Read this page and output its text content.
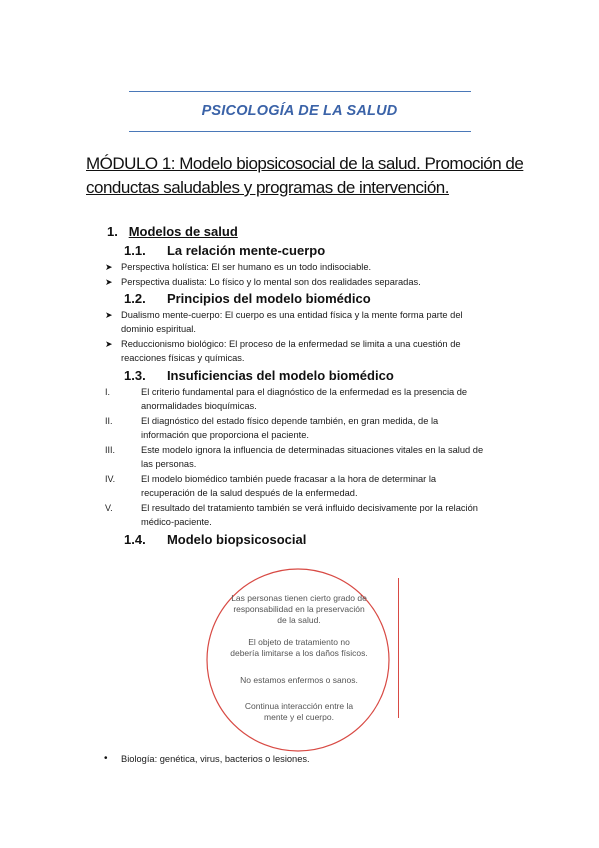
PSICOLOGÍA DE LA SALUD
MÓDULO 1: Modelo biopsicosocial de la salud. Promoción de conductas saludables y programas de intervención.
1. Modelos de salud
1.1. La relación mente-cuerpo
➤ Perspectiva holística: El ser humano es un todo indisociable.
➤ Perspectiva dualista: Lo físico y lo mental son dos realidades separadas.
1.2. Principios del modelo biomédico
➤ Dualismo mente-cuerpo: El cuerpo es una entidad física y la mente forma parte del
dominio espiritual.
➤ Reduccionismo biológico: El proceso de la enfermedad se limita a una cuestión de
reacciones físicas y químicas.
1.3. Insuficiencias del modelo biomédico
I.	El criterio fundamental para el diagnóstico de la enfermedad es la presencia de
anormalidades bioquímicas.
II.	El diagnóstico del estado físico depende también, en gran medida, de la
información que proporciona el paciente.
III.	Este modelo ignora la influencia de determinadas situaciones vitales en la salud de
las personas.
IV.	El modelo biomédico también puede fracasar a la hora de determinar la
recuperación de la salud después de la enfermedad.
V.	El resultado del tratamiento también se verá influido decisivamente por la relación
médico-paciente.
1.4. Modelo biopsicosocial
Las personas tienen cierto grado de
responsabilidad en la preservación
de la salud.
El objeto de tratamiento no
debería limitarse a los daños físicos.
No estamos enfermos o sanos.
Continua interacción entre la
mente y el cuerpo.
• Biología: genética, virus, bacterios o lesiones.
